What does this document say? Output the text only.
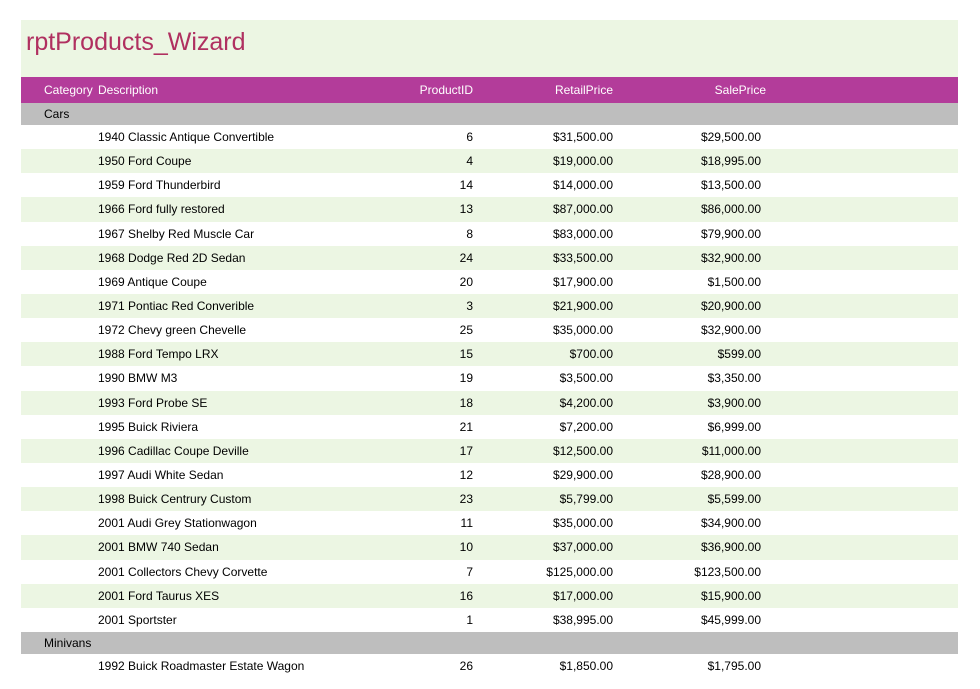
rptProducts_Wizard
Category Description	ProductID	RetailPrice	SalePrice
Cars
1940 Classic Antique Convertible	6	$31,500.00	$29,500.00
1950 Ford Coupe	4	$19,000.00	$18,995.00
1959 Ford Thunderbird	14	$14,000.00	$13,500.00
1966 Ford fully restored	13	$87,000.00	$86,000.00
1967 Shelby Red Muscle Car	8	$83,000.00	$79,900.00
1968 Dodge Red 2D Sedan	24	$33,500.00	$32,900.00
1969 Antique Coupe	20	$17,900.00	$1,500.00
1971 Pontiac Red Converible	3	$21,900.00	$20,900.00
1972 Chevy green Chevelle	25	$35,000.00	$32,900.00
1988 Ford Tempo LRX	15	$700.00	$599.00
1990 BMW M3	19	$3,500.00	$3,350.00
1993 Ford Probe SE	18	$4,200.00	$3,900.00
1995 Buick Riviera	21	$7,200.00	$6,999.00
1996 Cadillac Coupe Deville	17	$12,500.00	$11,000.00
1997 Audi White Sedan	12	$29,900.00	$28,900.00
1998 Buick Centrury Custom	23	$5,799.00	$5,599.00
2001 Audi Grey Stationwagon	11	$35,000.00	$34,900.00
2001 BMW 740 Sedan	10	$37,000.00	$36,900.00
2001 Collectors Chevy Corvette	7	$125,000.00	$123,500.00
2001 Ford Taurus XES	16	$17,000.00	$15,900.00
2001 Sportster	1	$38,995.00	$45,999.00
Minivans
1992 Buick Roadmaster Estate Wagon	26	$1,850.00	$1,795.00
